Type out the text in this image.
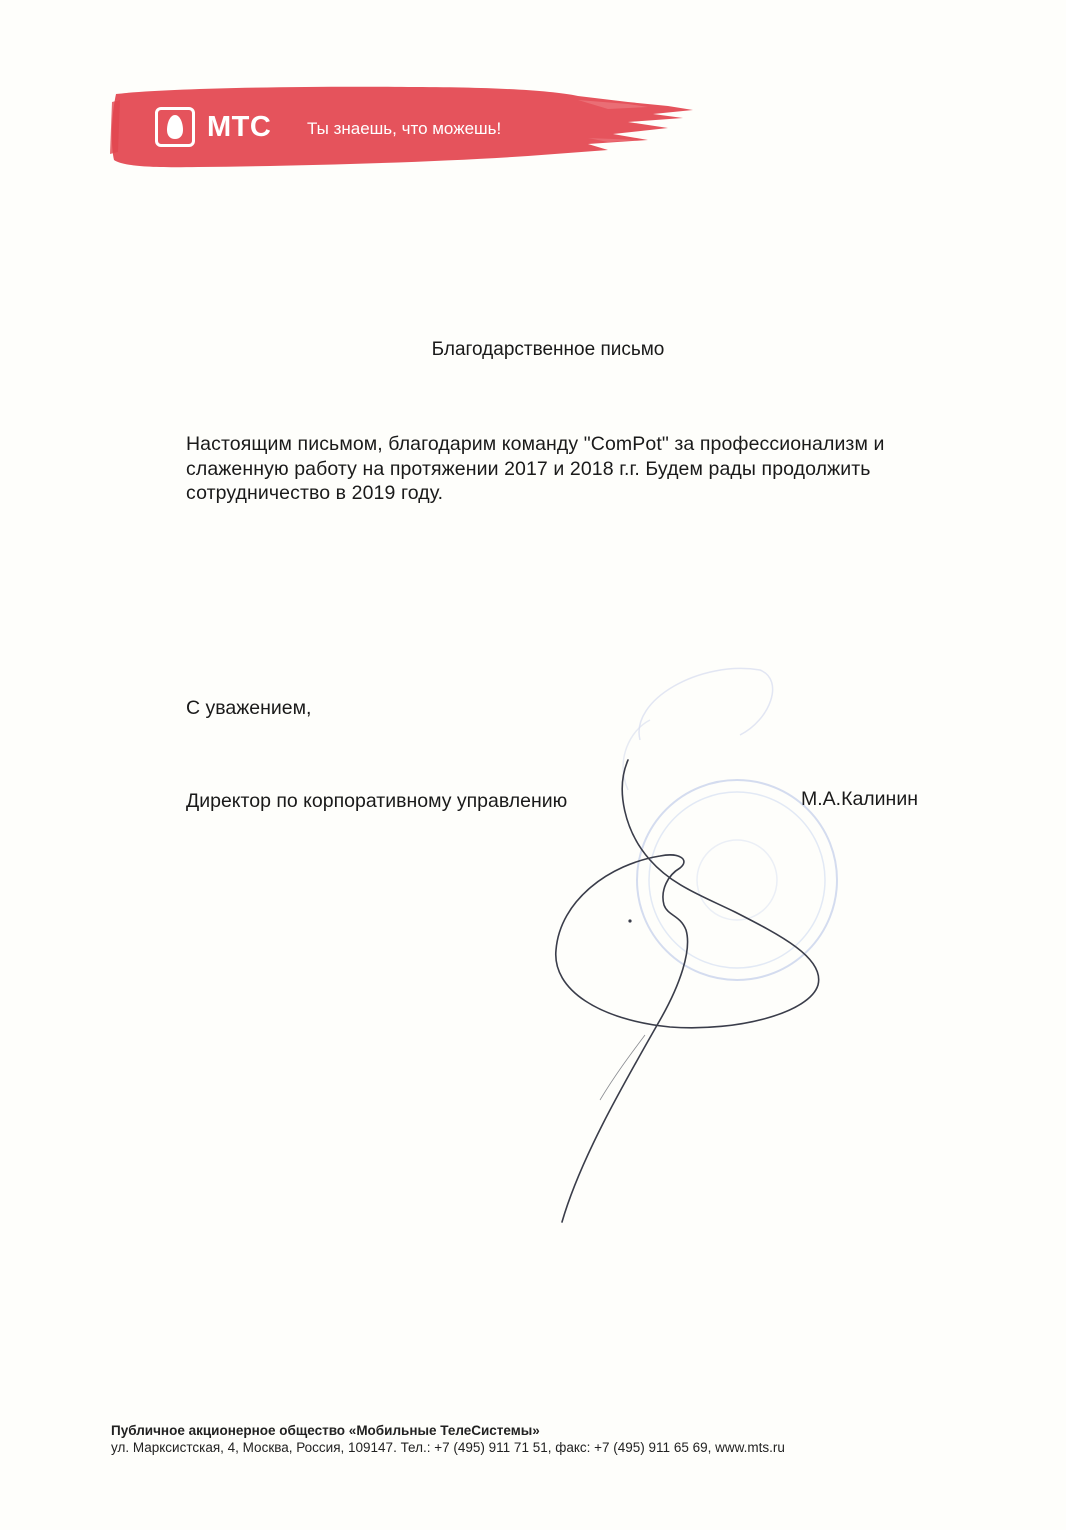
МТС Ты знаешь, что можешь!
Благодарственное письмо
Настоящим письмом, благодарим команду "ComPot" за профессионализм и
слаженную работу на протяжении 2017 и 2018 г.г. Будем рады продолжить
сотрудничество в 2019 году.
С уважением,
Директор по корпоративному управлению	М.А.Калинин
Публичное акционерное общество «Мобильные ТелеСистемы»
ул. Марксистская, 4, Москва, Россия, 109147. Тел.: +7 (495) 911 71 51, факс: +7 (495) 911 65 69, www.mts.ru
